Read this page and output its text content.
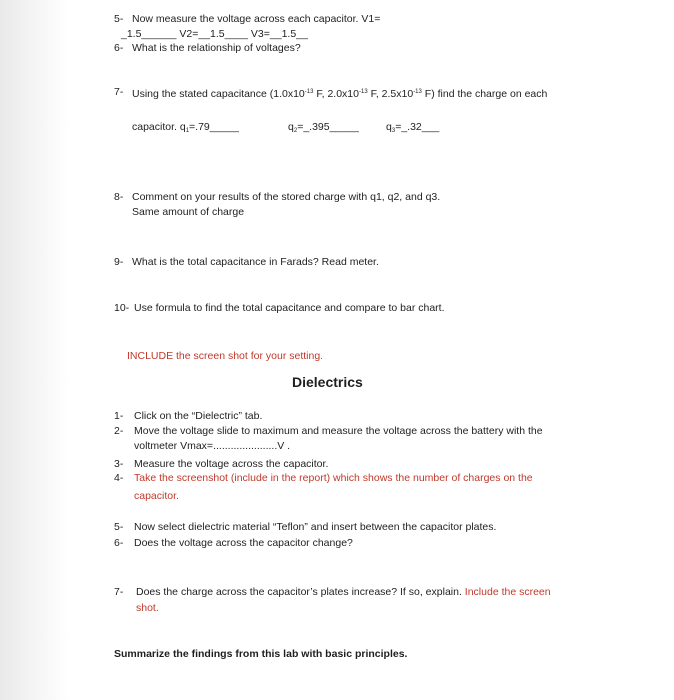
5- Now measure the voltage across each capacitor. V1=
_1.5______ V2=__1.5____ V3=__1.5__
6- What is the relationship of voltages?
7- Using the stated capacitance ($1.0x10^{-13}$ F, $2.0x10^{-13}$ F, $2.5x10^{-13}$ F) find the charge on each
capacitor. $q_1=.79\_\_\_\_\_$	$q_2=\_.395\_\_\_\_\_$	$q_3=\_.32\_\_\_$
8- Comment on your results of the stored charge with q1, q2, and q3.
Same amount of charge
9- What is the total capacitance in Farads? Read meter.
10- Use formula to find the total capacitance and compare to bar chart.
INCLUDE the screen shot for your setting.
Dielectrics
1- Click on the “Dielectric” tab.
2- Move the voltage slide to maximum and measure the voltage across the battery with the
voltmeter Vmax=......................V .
3- Measure the voltage across the capacitor.
4- Take the screenshot (include in the report) which shows the number of charges on the
capacitor.
5- Now select dielectric material “Teflon” and insert between the capacitor plates.
6- Does the voltage across the capacitor change?
7- Does the charge across the capacitor’s plates increase? If so, explain. Include the screen
shot.
Summarize the findings from this lab with basic principles.
